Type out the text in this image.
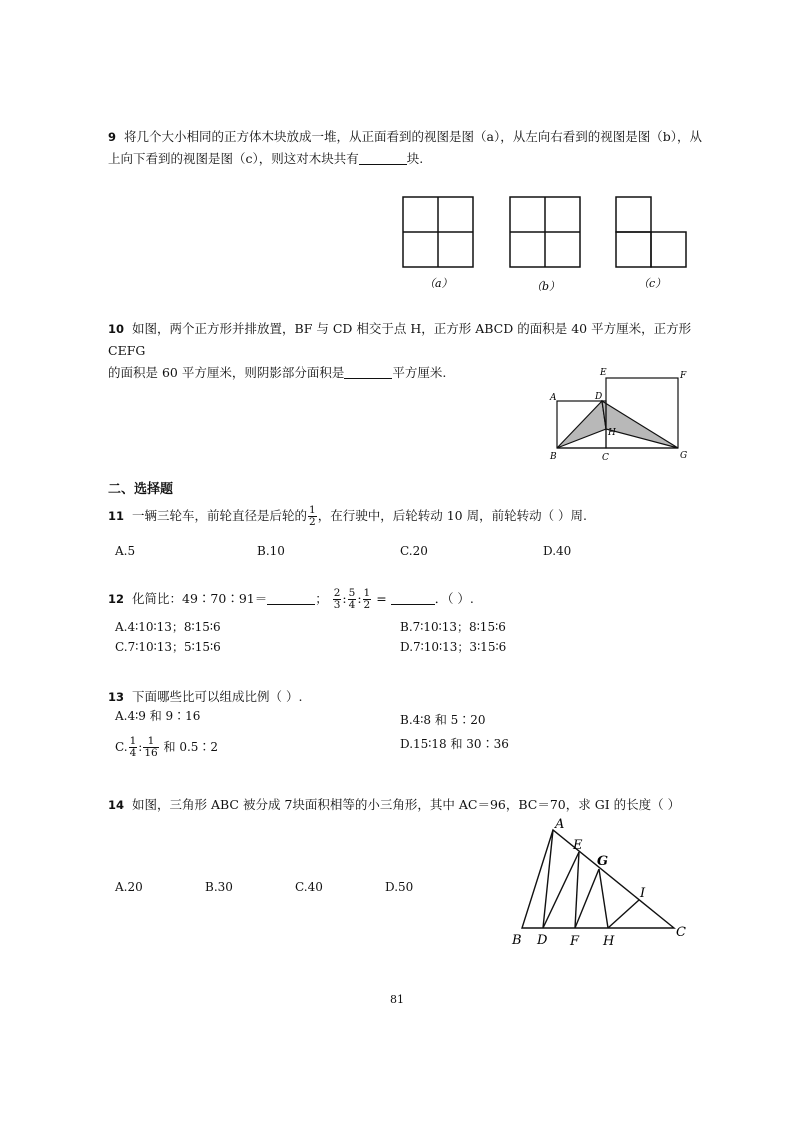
9 将几个大小相同的正方体木块放成一堆，从正面看到的视图是图（a），从左向右看到的视图是图（b），从
上向下看到的视图是图（c），则这对木块共有	块.
（a）	（b）	（c）
10 如图，两个正方形并排放置，BF 与 CD 相交于点 H，正方形 ABCD 的面积是 40 平方厘米，正方形 CEFG
的面积是 60 平方厘米，则阴影部分面积是	平方厘米.
A
B	C
D
E	F
G
H
二、选择题
11 一辆三轮车，前轮直径是后轮的 $\frac{1}{2}$ ，在行驶中，后轮转动 10 周，前轮转动（ ）周.
A.5	B.10	C.20	D.40
12 化简比：49∶70∶91＝	； $\frac{2}{3}$ : $\frac{5}{4}$ : $\frac{1}{2}$ =	．（ ）.
A.4∶10∶13；8∶15∶6	B.7∶10∶13；8∶15∶6
C.7∶10∶13；5∶15∶6	D.7∶10∶13；3∶15∶6
13 下面哪些比可以组成比例（ ）.
A.4∶9 和 9∶16	B.4∶8 和 5∶20
C. $\frac{1}{4}$ : $\frac{1}{16}$ 和 0.5∶2	D.15∶18 和 30∶36
14 如图，三角形 ABC 被分成 7块面积相等的小三角形，其中 AC＝96，BC＝70，求 GI 的长度（ ）
A.20	B.30	C.40	D.50
A
B
C
D
E
F
G
H
I
81
